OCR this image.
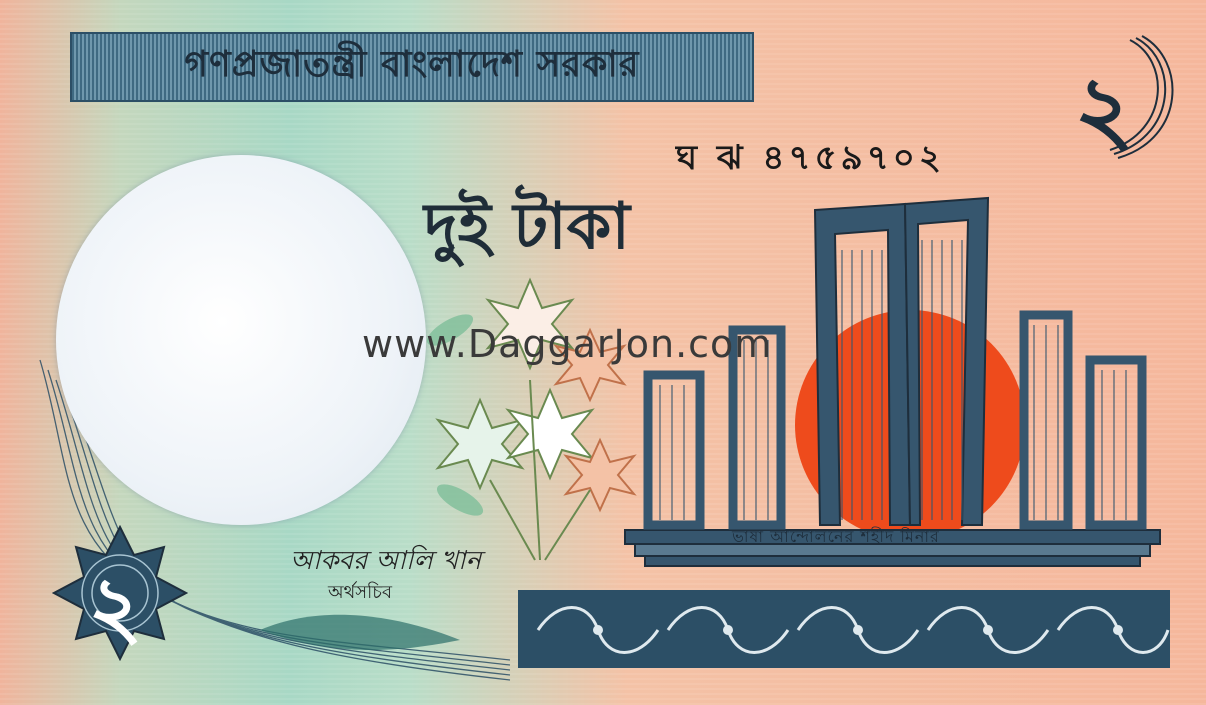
গণপ্রজাতন্ত্রী বাংলাদেশ সরকার
ঘ ঝ ৪৭৫৯৭০২
দুই টাকা
২
ভাষা আন্দোলনের শহীদ মিনার
২	আকবর আলি খান
অর্থসচিব
www.DaggarJon.com
